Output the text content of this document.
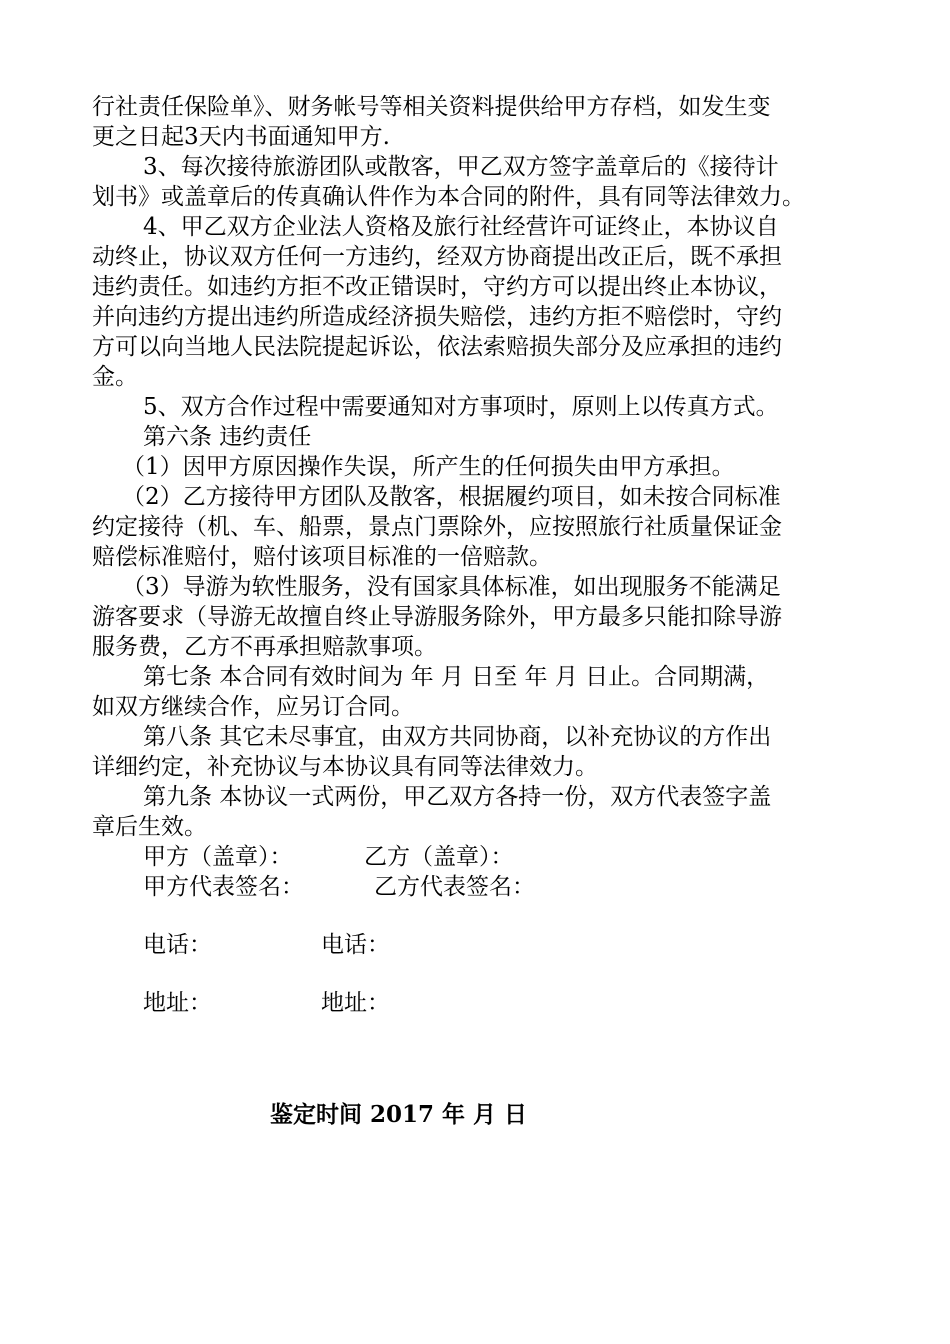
行社责任保险单》、财务帐号等相关资料提供给甲方存档，如发生变
更之日起3天内书面通知甲方.
3、每次接待旅游团队或散客，甲乙双方签字盖章后的《接待计
划书》或盖章后的传真确认件作为本合同的附件，具有同等法律效力。
4、甲乙双方企业法人资格及旅行社经营许可证终止，本协议自
动终止，协议双方任何一方违约，经双方协商提出改正后，既不承担
违约责任。如违约方拒不改正错误时，守约方可以提出终止本协议，
并向违约方提出违约所造成经济损失赔偿，违约方拒不赔偿时，守约
方可以向当地人民法院提起诉讼，依法索赔损失部分及应承担的违约
金。
5、双方合作过程中需要通知对方事项时，原则上以传真方式。
第六条 违约责任
（1）因甲方原因操作失误，所产生的任何损失由甲方承担。
（2）乙方接待甲方团队及散客，根据履约项目，如未按合同标准
约定接待（机、车、船票，景点门票除外，应按照旅行社质量保证金
赔偿标准赔付，赔付该项目标准的一倍赔款。
（3）导游为软性服务，没有国家具体标准，如出现服务不能满足
游客要求（导游无故擅自终止导游服务除外，甲方最多只能扣除导游
服务费，乙方不再承担赔款事项。
第七条 本合同有效时间为 年 月 日至 年 月 日止。合同期满，
如双方继续合作，应另订合同。
第八条 其它未尽事宜，由双方共同协商，以补充协议的方作出
详细约定，补充协议与本协议具有同等法律效力。
第九条 本协议一式两份，甲乙双方各持一份，双方代表签字盖
章后生效。
甲方（盖章）：	乙方（盖章）：
甲方代表签名：	乙方代表签名：
电话：	电话：
地址：	地址：
鉴定时间 2017 年 月 日
